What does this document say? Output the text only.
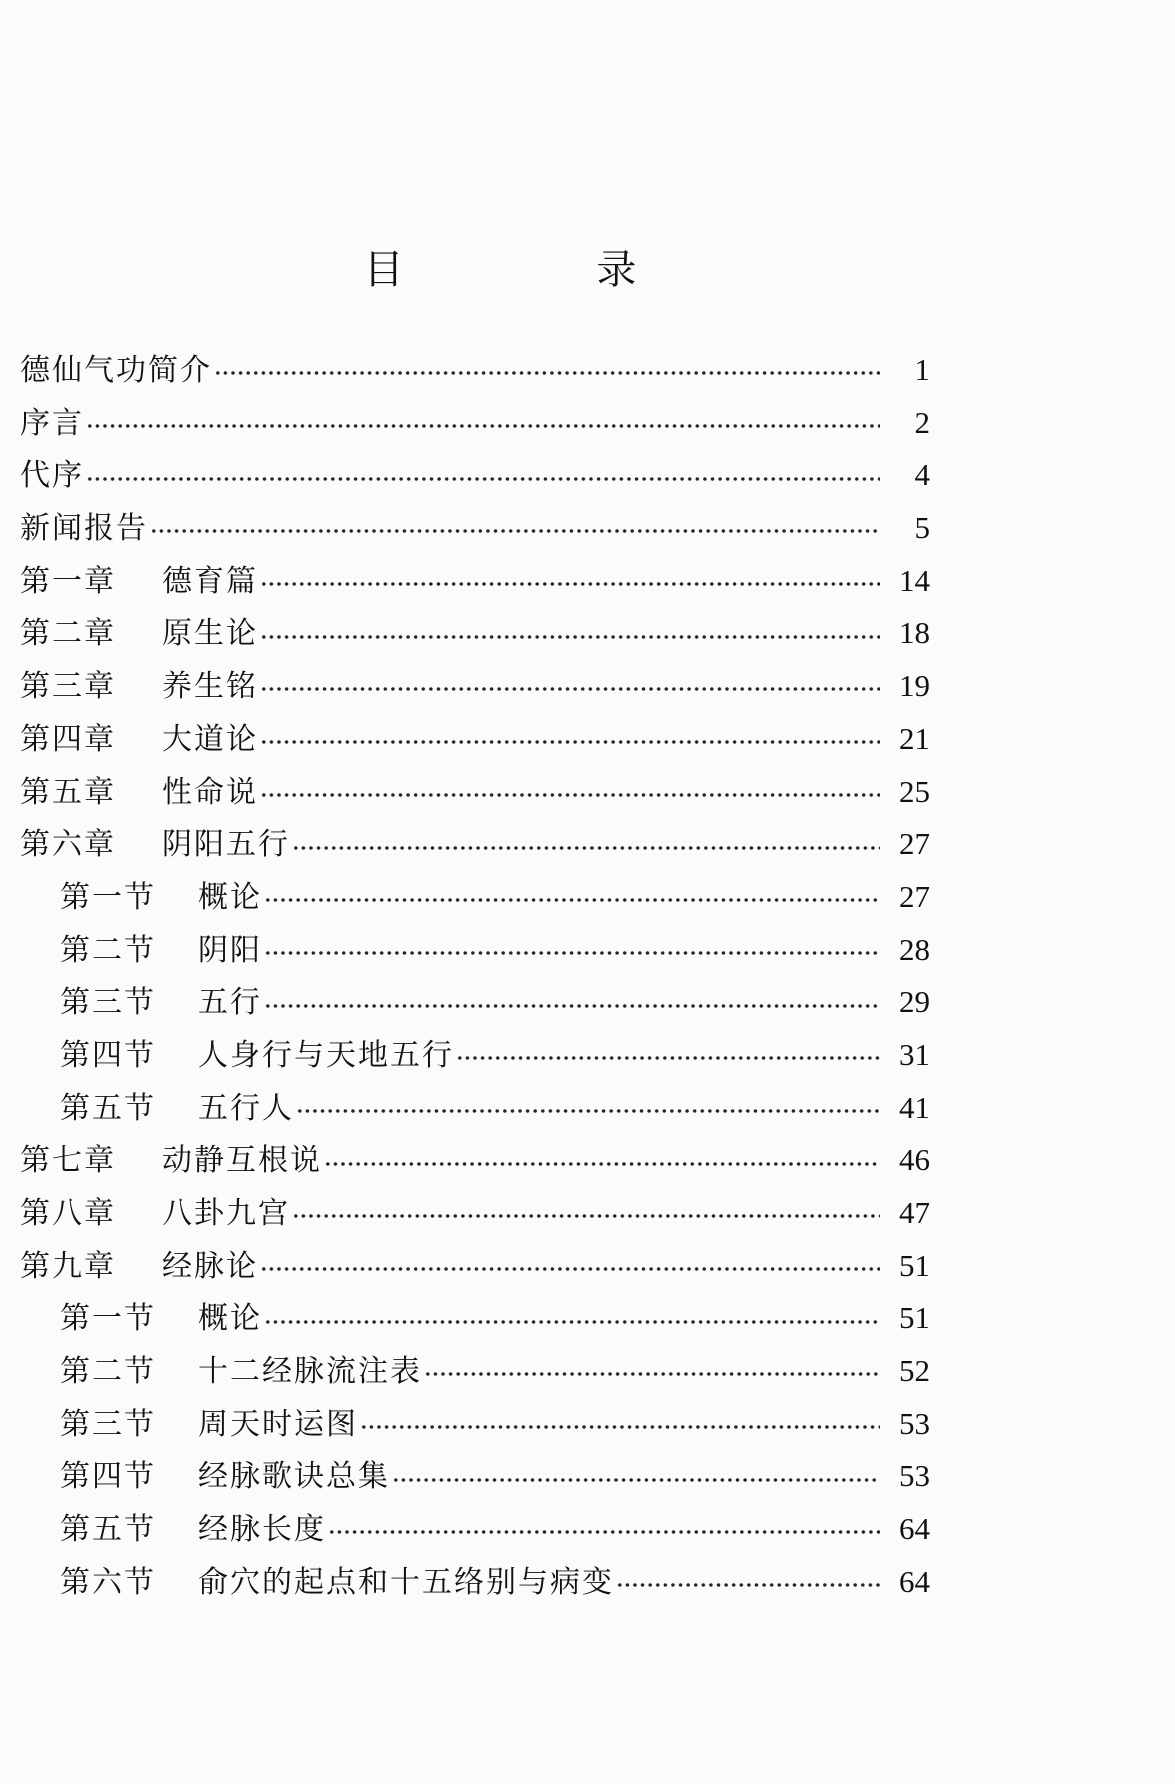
目 录
德仙气功简介	1
序言	2
代序	4
新闻报告	5
第一章	德育篇	14
第二章	原生论	18
第三章	养生铭	19
第四章	大道论	21
第五章	性命说	25
第六章	阴阳五行	27
第一节	概论	27
第二节	阴阳	28
第三节	五行	29
第四节	人身行与天地五行	31
第五节	五行人	41
第七章	动静互根说	46
第八章	八卦九宫	47
第九章	经脉论	51
第一节	概论	51
第二节	十二经脉流注表	52
第三节	周天时运图	53
第四节	经脉歌诀总集	53
第五节	经脉长度	64
第六节	俞穴的起点和十五络别与病变	64
